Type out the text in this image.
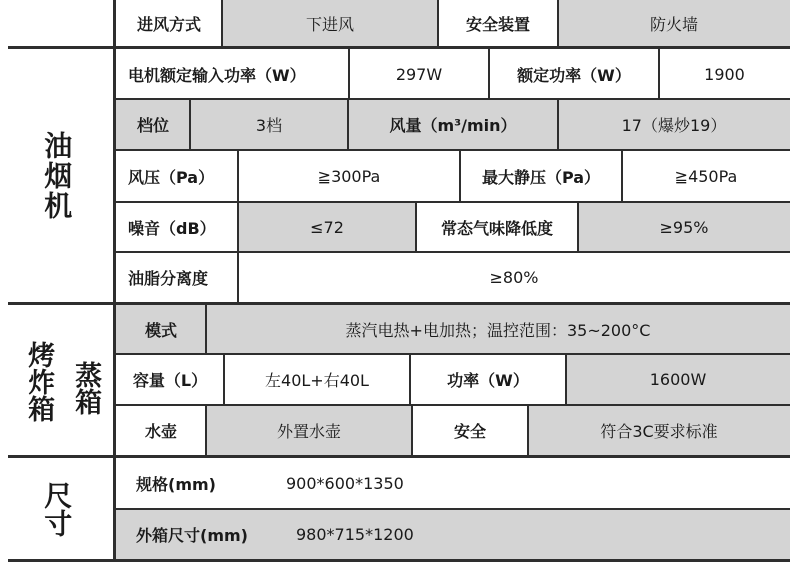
进风方式	下进风	安全装置	防火墙
电机额定输入功率（W）	297W	额定功率（W）	1900
档位	3档	风量（m³/min）	17（爆炒19）
风压（Pa）	≧300Pa	最大静压（Pa）	≧450Pa
噪音（dB）	≤72	常态气味降低度	≥95%
油脂分离度	≥80%
油烟机
模式	蒸汽电热+电加热；温控范围：35~200°C
容量（L）	左40L+右40L	功率（W）	1600W
水壶	外置水壶	安全	符合3C要求标准
烤炸箱 蒸箱
规格(mm)	900*600*1350
外箱尺寸(mm)	980*715*1200
尺寸
